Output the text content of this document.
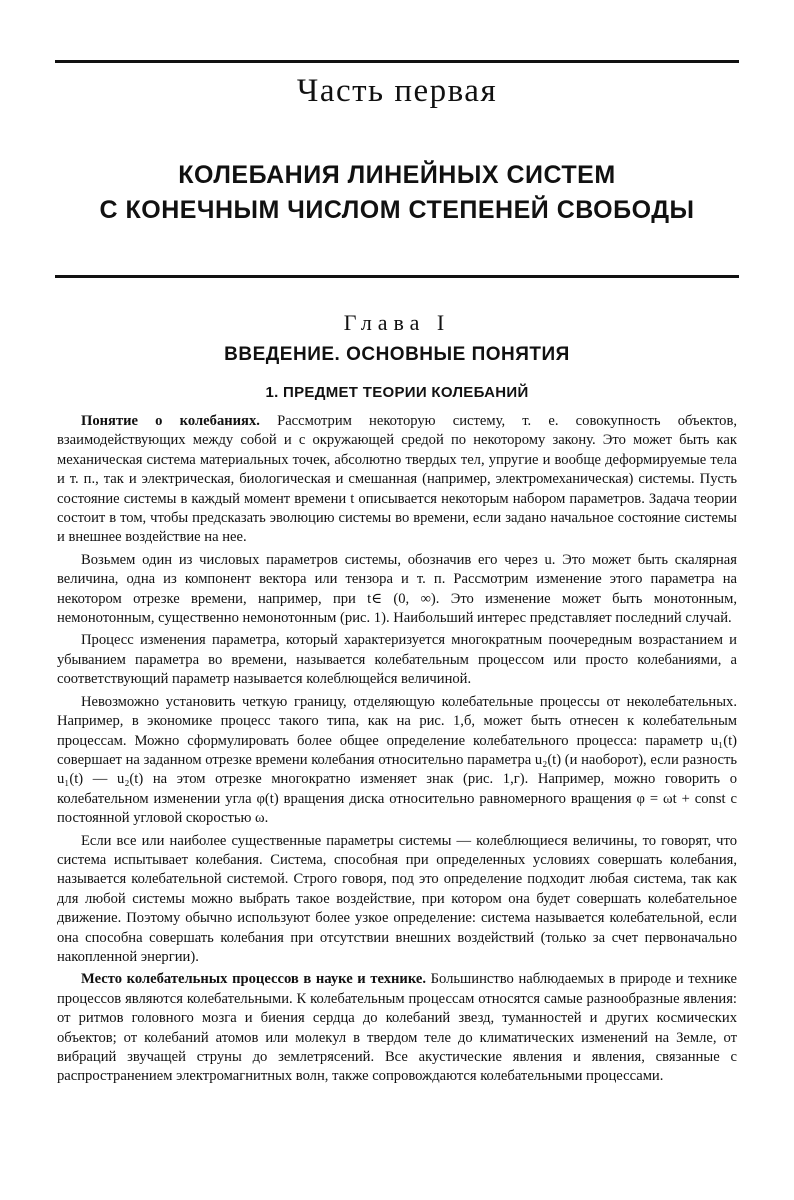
Часть первая
КОЛЕБАНИЯ ЛИНЕЙНЫХ СИСТЕМ
С КОНЕЧНЫМ ЧИСЛОМ СТЕПЕНЕЙ СВОБОДЫ
Глава I
ВВЕДЕНИЕ. ОСНОВНЫЕ ПОНЯТИЯ
1. ПРЕДМЕТ ТЕОРИИ КОЛЕБАНИЙ

Понятие о колебаниях. Рассмотрим некоторую систему, т. е. совокупность объектов, взаимодействующих между собой и с окружающей средой по некоторому закону. Это может быть как механическая система материальных точек, абсолютно твердых тел, упругие и вообще деформируемые тела и т. п., так и электрическая, биологическая и смешанная (например, электромеханическая) системы. Пусть состояние системы в каждый момент времени t описывается некоторым набором параметров. Задача теории состоит в том, чтобы предсказать эволюцию системы во времени, если задано начальное состояние системы и внешнее воздействие на нее.

Возьмем один из числовых параметров системы, обозначив его через u. Это может быть скалярная величина, одна из компонент вектора или тензора и т. п. Рассмотрим изменение этого параметра на некотором отрезке времени, например, при t∈ (0, ∞). Это изменение может быть монотонным, немонотонным, существенно немонотонным (рис. 1). Наибольший интерес представляет последний случай.

Процесс изменения параметра, который характеризуется многократным поочередным возрастанием и убыванием параметра во времени, называется колебательным процессом или просто колебаниями, а соответствующий параметр называется колеблющейся величиной.

Невозможно установить четкую границу, отделяющую колебательные процессы от неколебательных. Например, в экономике процесс такого типа, как на рис. 1,б, может быть отнесен к колебательным процессам. Можно сформулировать более общее определение колебательного процесса: параметр u₁(t) совершает на заданном отрезке времени колебания относительно параметра u₂(t) (и наоборот), если разность u₁(t) — u₂(t) на этом отрезке многократно изменяет знак (рис. 1,г). Например, можно говорить о колебательном изменении угла φ(t) вращения диска относительно равномерного вращения φ = ωt + const с постоянной угловой скоростью ω.

Если все или наиболее существенные параметры системы — колеблющиеся величины, то говорят, что система испытывает колебания. Система, способная при определенных условиях совершать колебания, называется колебательной системой. Строго говоря, под это определение подходит любая система, так как для любой системы можно выбрать такое воздействие, при котором она будет совершать колебательное движение. Поэтому обычно используют более узкое определение: система называется колебательной, если она способна совершать колебания при отсутствии внешних воздействий (только за счет первоначально накопленной энергии).

Место колебательных процессов в науке и технике. Большинство наблюдаемых в природе и технике процессов являются колебательными. К колебательным процессам относятся самые разнообразные явления: от ритмов головного мозга и биения сердца до колебаний звезд, туманностей и других космических объектов; от колебаний атомов или молекул в твердом теле до климатических изменений на Земле, от вибраций звучащей струны до землетрясений. Все акустические явления и явления, связанные с распространением электромагнитных волн, также сопровождаются колебательными процессами.
